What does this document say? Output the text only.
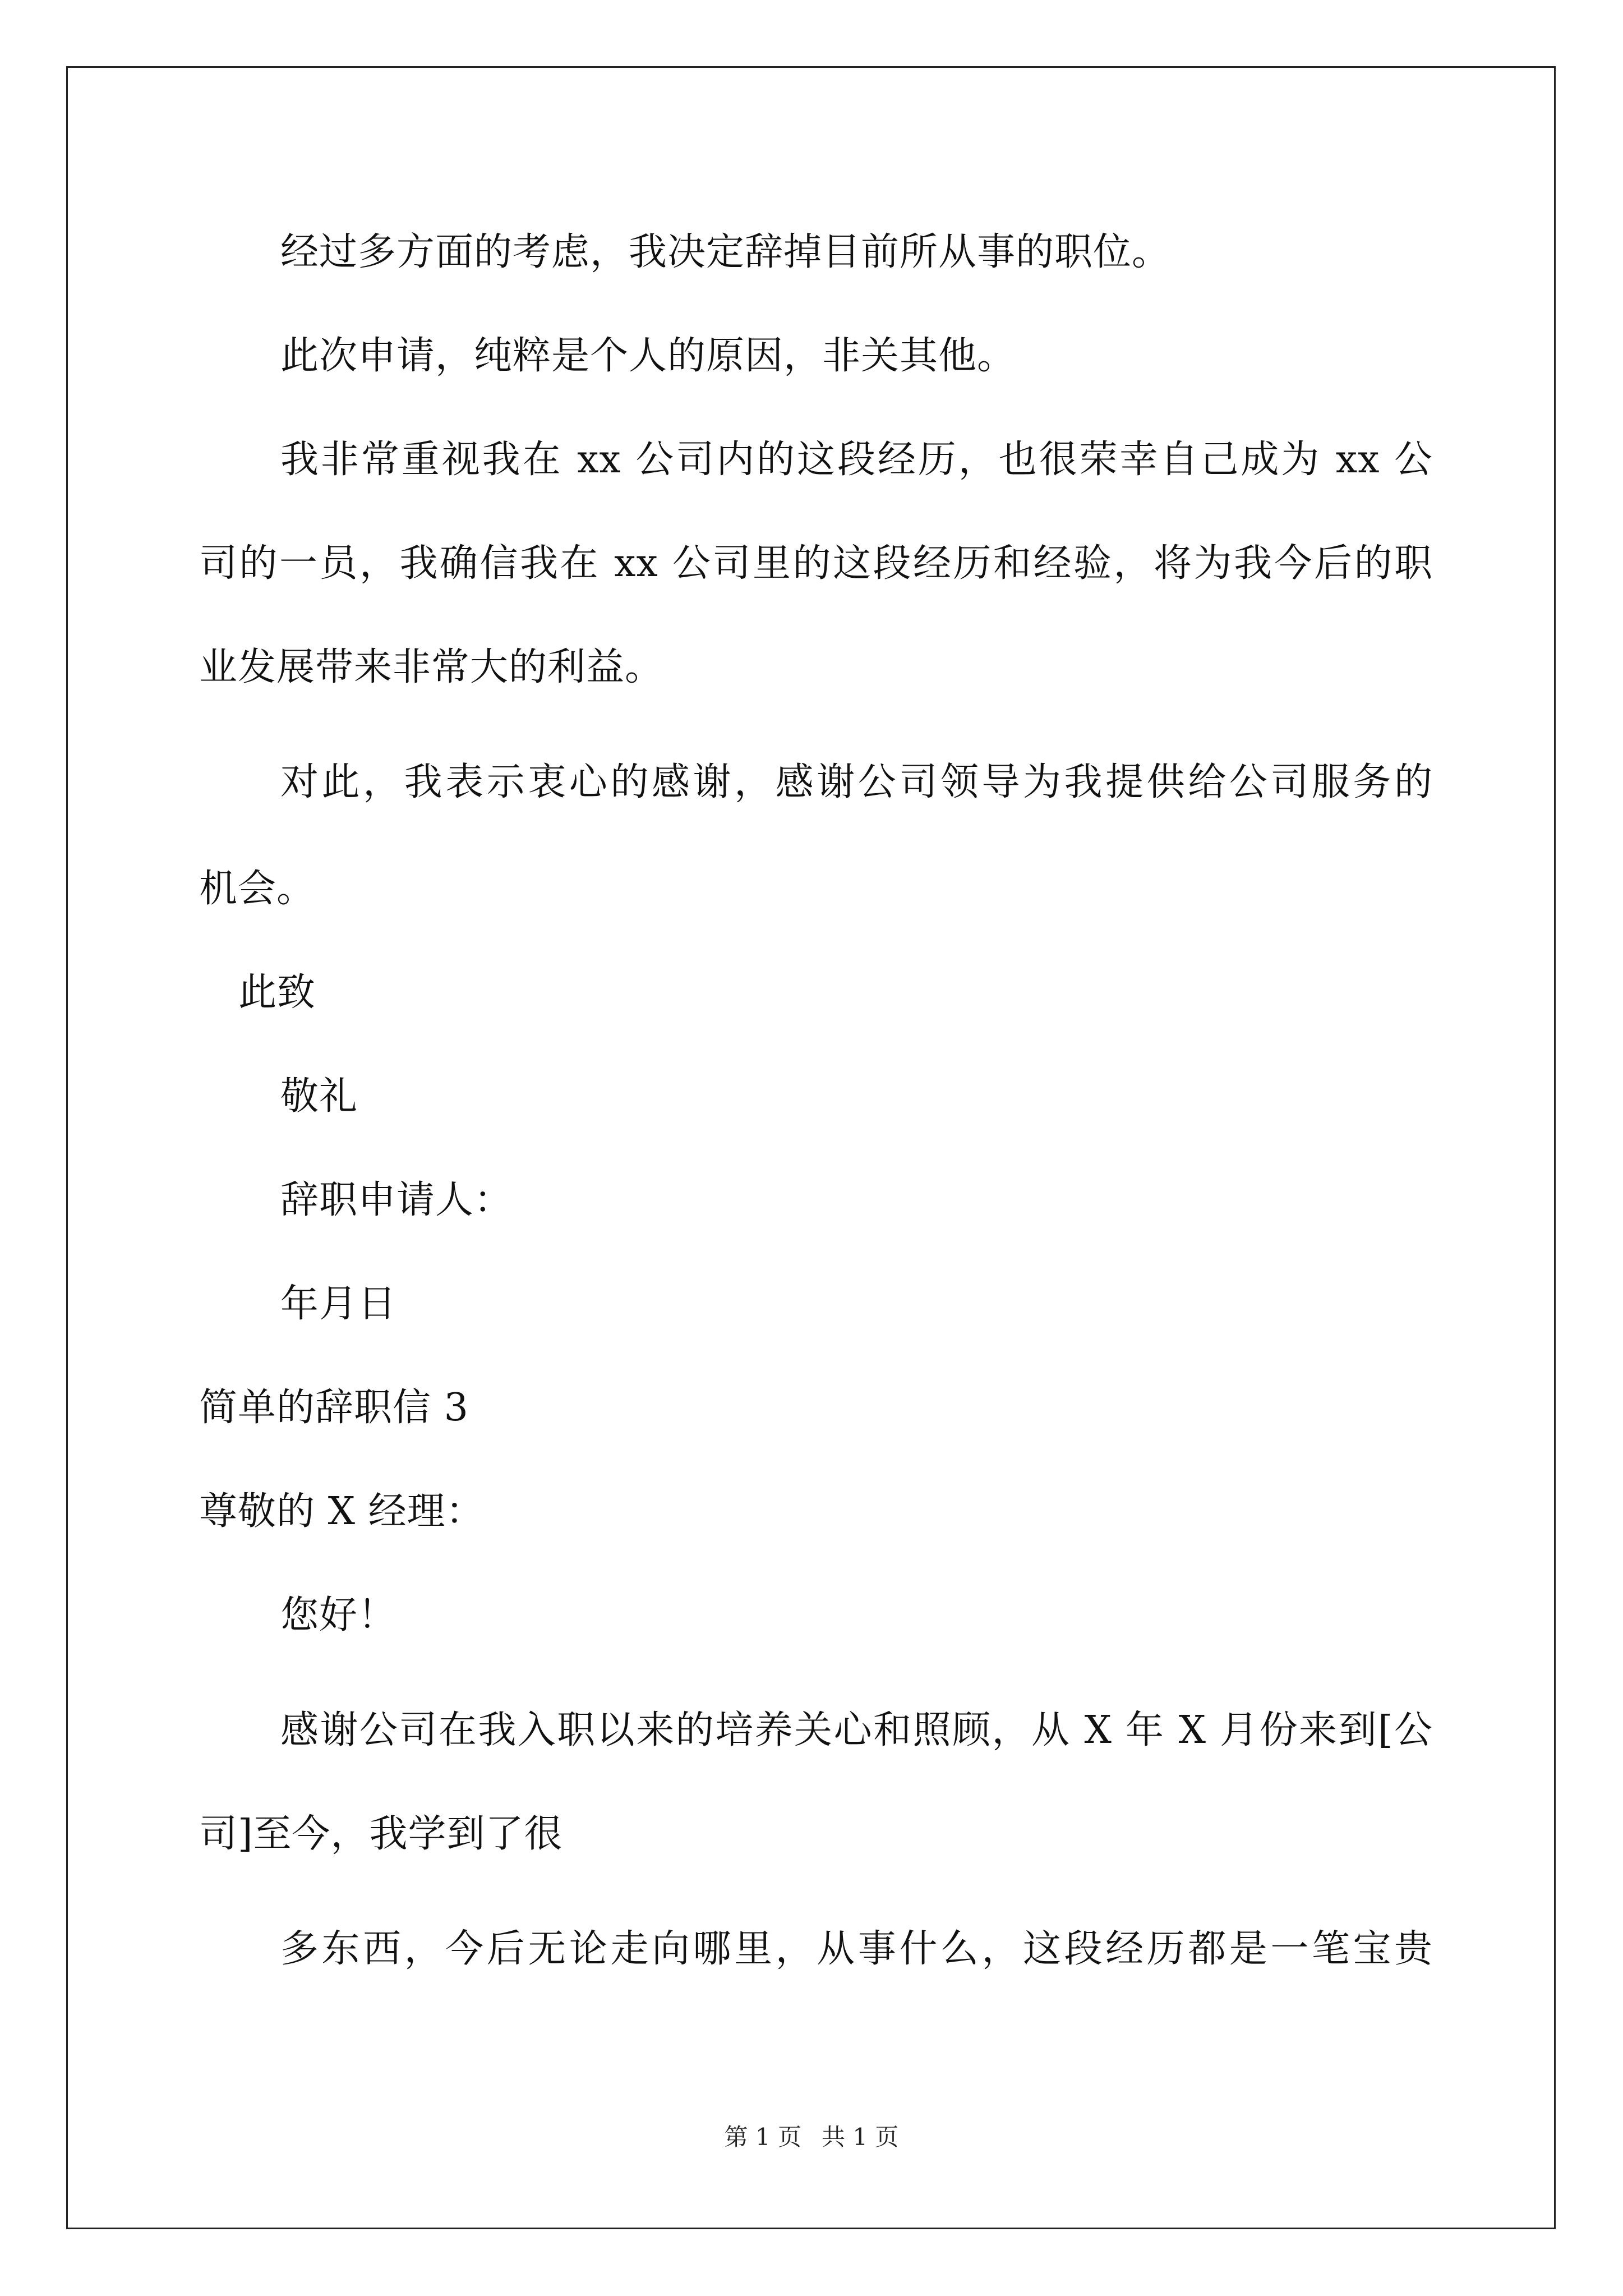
经过多方面的考虑，我决定辞掉目前所从事的职位。
此次申请，纯粹是个人的原因，非关其他。
我非常重视我在 xx 公司内的这段经历，也很荣幸自己成为 xx 公
司的一员，我确信我在 xx 公司里的这段经历和经验，将为我今后的职
业发展带来非常大的利益。
对此，我表示衷心的感谢，感谢公司领导为我提供给公司服务的
机会。
此致
敬礼
辞职申请人：
年月日
简单的辞职信 3
尊敬的 X 经理：
您好！
感谢公司在我入职以来的培养关心和照顾，从 X 年 X 月份来到[公
司]至今，我学到了很
多东西，今后无论走向哪里，从事什么，这段经历都是一笔宝贵
第 1 页 共 1 页
